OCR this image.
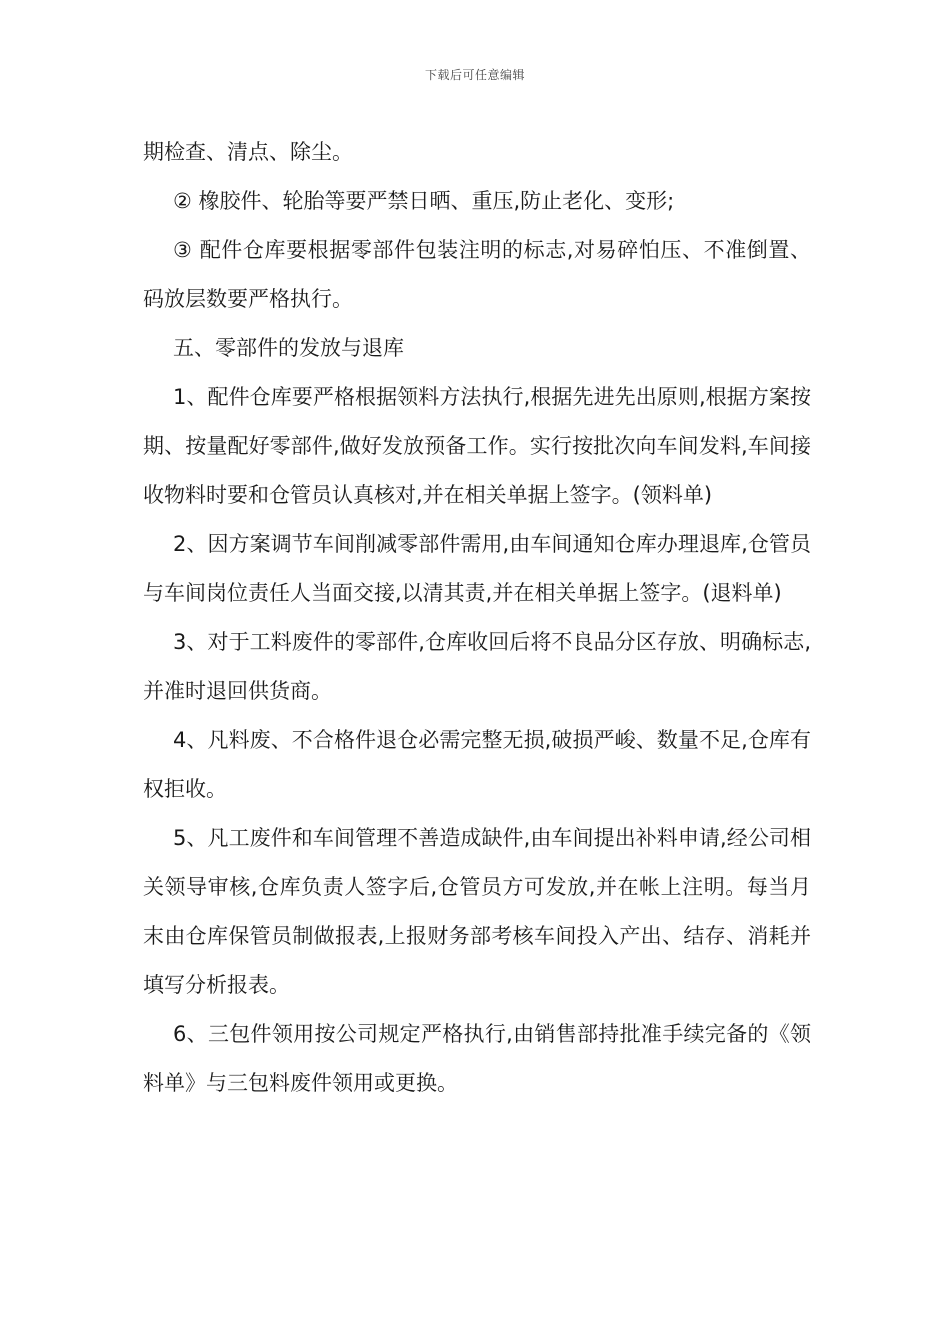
下载后可任意编辑

期检查、清点、除尘。

② 橡胶件、轮胎等要严禁日晒、重压,防止老化、变形;

③ 配件仓库要根据零部件包装注明的标志,对易碎怕压、不准倒置、码放层数要严格执行。

五、零部件的发放与退库

1、配件仓库要严格根据领料方法执行,根据先进先出原则,根据方案按期、按量配好零部件,做好发放预备工作。实行按批次向车间发料,车间接收物料时要和仓管员认真核对,并在相关单据上签字。(领料单)

2、因方案调节车间削减零部件需用,由车间通知仓库办理退库,仓管员与车间岗位责任人当面交接,以清其责,并在相关单据上签字。(退料单)

3、对于工料废件的零部件,仓库收回后将不良品分区存放、明确标志,并准时退回供货商。

4、凡料废、不合格件退仓必需完整无损,破损严峻、数量不足,仓库有权拒收。

5、凡工废件和车间管理不善造成缺件,由车间提出补料申请,经公司相关领导审核,仓库负责人签字后,仓管员方可发放,并在帐上注明。每当月末由仓库保管员制做报表,上报财务部考核车间投入产出、结存、消耗并填写分析报表。

6、三包件领用按公司规定严格执行,由销售部持批准手续完备的《领料单》与三包料废件领用或更换。
